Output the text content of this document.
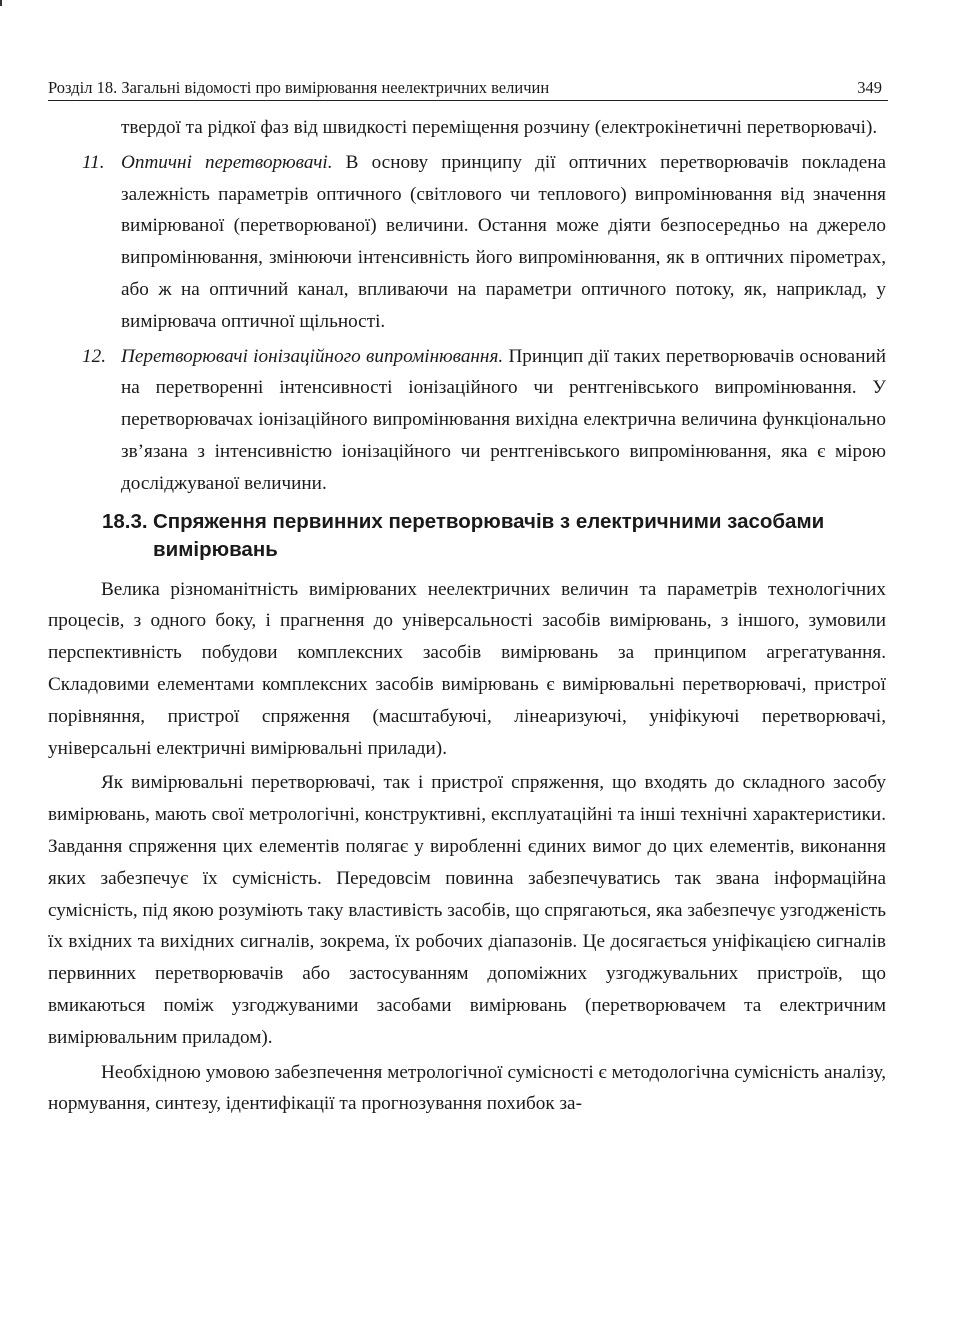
Розділ 18. Загальні відомості про вимірювання неелектричних величин	349

твердої та рідкої фаз від швидкості переміщення розчину (електрокінетичні перетворювачі).

11. Оптичні перетворювачі. В основу принципу дії оптичних перетворювачів покладена залежність параметрів оптичного (світлового чи теплового) випромінювання від значення вимірюваної (перетворюваної) величини. Остання може діяти безпосередньо на джерело випромінювання, змінюючи інтенсивність його випромінювання, як в оптичних пірометрах, або ж на оптичний канал, впливаючи на параметри оптичного потоку, як, наприклад, у вимірювача оптичної щільності.

12. Перетворювачі іонізаційного випромінювання. Принцип дії таких перетворювачів оснований на перетворенні інтенсивності іонізаційного чи рентгенівського випромінювання. У перетворювачах іонізаційного випромінювання вихідна електрична величина функціонально зв’язана з інтенсивністю іонізаційного чи рентгенівського випромінювання, яка є мірою досліджуваної величини.

18.3. Спряження первинних перетворювачів з електричними засобами вимірювань

Велика різноманітність вимірюваних неелектричних величин та параметрів технологічних процесів, з одного боку, і прагнення до універсальності засобів вимірювань, з іншого, зумовили перспективність побудови комплексних засобів вимірювань за принципом агрегатування. Складовими елементами комплексних засобів вимірювань є вимірювальні перетворювачі, пристрої порівняння, пристрої спряження (масштабуючі, лінеаризуючі, уніфікуючі перетворювачі, універсальні електричні вимірювальні прилади).

Як вимірювальні перетворювачі, так і пристрої спряження, що входять до складного засобу вимірювань, мають свої метрологічні, конструктивні, експлуатаційні та інші технічні характеристики. Завдання спряження цих елементів полягає у виробленні єдиних вимог до цих елементів, виконання яких забезпечує їх сумісність. Передовсім повинна забезпечуватись так звана інформаційна сумісність, під якою розуміють таку властивість засобів, що спрягаються, яка забезпечує узгодженість їх вхідних та вихідних сигналів, зокрема, їх робочих діапазонів. Це досягається уніфікацією сигналів первинних перетворювачів або застосуванням допоміжних узгоджувальних пристроїв, що вмикаються поміж узгоджуваними засобами вимірювань (перетворювачем та електричним вимірювальним приладом).

Необхідною умовою забезпечення метрологічної сумісності є методологічна сумісність аналізу, нормування, синтезу, ідентифікації та прогнозування похибок за-
